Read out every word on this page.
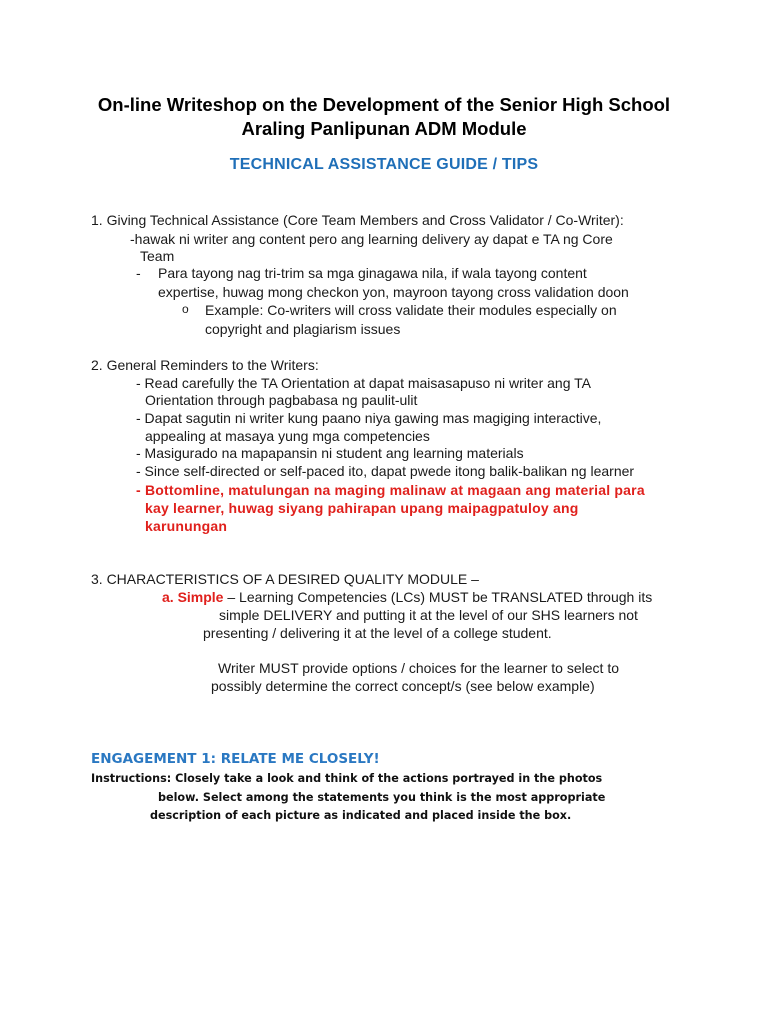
On-line Writeshop on the Development of the Senior High School
Araling Panlipunan ADM Module
TECHNICAL ASSISTANCE GUIDE / TIPS
1. Giving Technical Assistance (Core Team Members and Cross Validator / Co-Writer):
-hawak ni writer ang content pero ang learning delivery ay dapat e TA ng Core
Team
- Para tayong nag tri-trim sa mga ginagawa nila, if wala tayong content
expertise, huwag mong checkon yon, mayroon tayong cross validation doon
o Example: Co-writers will cross validate their modules especially on
copyright and plagiarism issues
2. General Reminders to the Writers:
- Read carefully the TA Orientation at dapat maisasapuso ni writer ang TA
Orientation through pagbabasa ng paulit-ulit
- Dapat sagutin ni writer kung paano niya gawing mas magiging interactive,
appealing at masaya yung mga competencies
- Masigurado na mapapansin ni student ang learning materials
- Since self-directed or self-paced ito, dapat pwede itong balik-balikan ng learner
- Bottomline, matulungan na maging malinaw at magaan ang material para
kay learner, huwag siyang pahirapan upang maipagpatuloy ang
karunungan
3. CHARACTERISTICS OF A DESIRED QUALITY MODULE –
a. Simple – Learning Competencies (LCs) MUST be TRANSLATED through its
simple DELIVERY and putting it at the level of our SHS learners not
presenting / delivering it at the level of a college student.
Writer MUST provide options / choices for the learner to select to
possibly determine the correct concept/s (see below example)
ENGAGEMENT 1: RELATE ME CLOSELY!
Instructions: Closely take a look and think of the actions portrayed in the photos
below. Select among the statements you think is the most appropriate
description of each picture as indicated and placed inside the box.
